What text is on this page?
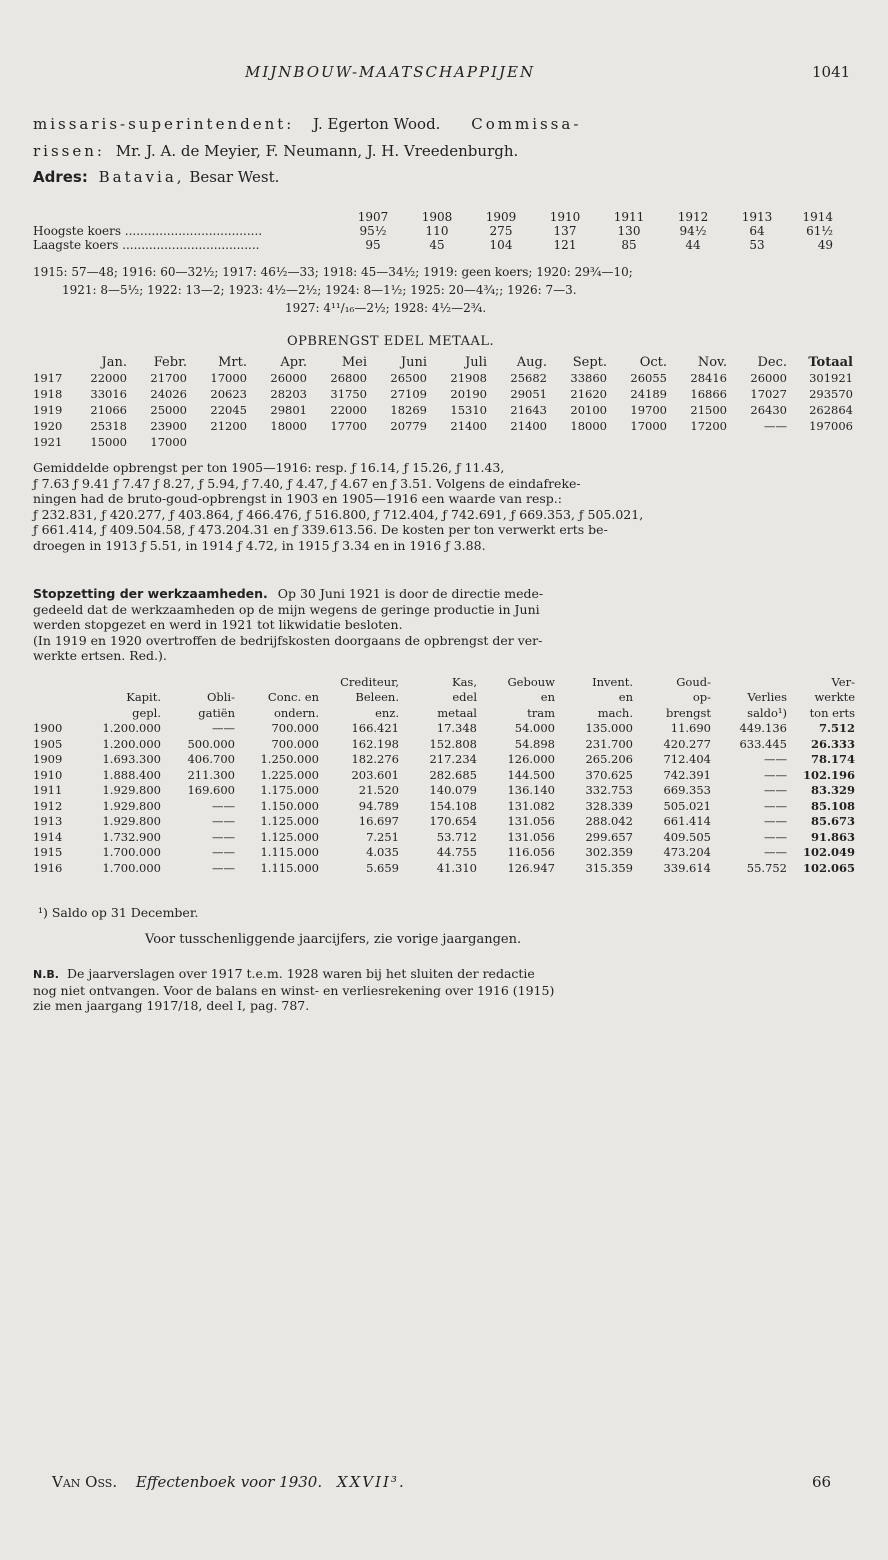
MIJNBOUW-MAATSCHAPPIJEN	1041
missaris-superintendent: J. Egerton Wood. Commissa-
rissen: Mr. J. A. de Meyier, F. Neumann, J. H. Vreedenburgh.
Adres: Batavia, Besar West.
	1907	1908	1909	1910	1911	1912	1913	1914
Hoogste koers ....................................	95½	110	275	137	130	94½	64	61½
Laagste koers ....................................	95	45	104	121	85	44	53	49
1915: 57—48; 1916: 60—32½; 1917: 46½—33; 1918: 45—34½; 1919: geen koers; 1920: 29¾—10;
1921: 8—5½; 1922: 13—2; 1923: 4½—2½; 1924: 8—1½; 1925: 20—4¾;; 1926: 7—3.
1927: 4¹¹/₁₆—2½; 1928: 4½—2¾.
OPBRENGST EDEL METAAL.
	Jan.	Febr.	Mrt.	Apr.	Mei	Juni	Juli	Aug.	Sept.	Oct.	Nov.	Dec.	Totaal
1917	22000	21700	17000	26000	26800	26500	21908	25682	33860	26055	28416	26000	301921
1918	33016	24026	20623	28203	31750	27109	20190	29051	21620	24189	16866	17027	293570
1919	21066	25000	22045	29801	22000	18269	15310	21643	20100	19700	21500	26430	262864
1920	25318	23900	21200	18000	17700	20779	21400	21400	18000	17000	17200	——	197006
1921	15000	17000											
Gemiddelde opbrengst per ton 1905—1916: resp. ƒ 16.14, ƒ 15.26, ƒ 11.43,
ƒ 7.63 ƒ 9.41 ƒ 7.47 ƒ 8.27, ƒ 5.94, ƒ 7.40, ƒ 4.47, ƒ 4.67 en ƒ 3.51. Volgens de eindafreke-
ningen had de bruto-goud-opbrengst in 1903 en 1905—1916 een waarde van resp.:
ƒ 232.831, ƒ 420.277, ƒ 403.864, ƒ 466.476, ƒ 516.800, ƒ 712.404, ƒ 742.691, ƒ 669.353, ƒ 505.021,
ƒ 661.414, ƒ 409.504.58, ƒ 473.204.31 en ƒ 339.613.56. De kosten per ton verwerkt erts be-
droegen in 1913 ƒ 5.51, in 1914 ƒ 4.72, in 1915 ƒ 3.34 en in 1916 ƒ 3.88.
Stopzetting der werkzaamheden. Op 30 Juni 1921 is door de directie mede-
gedeeld dat de werkzaamheden op de mijn wegens de geringe productie in Juni
werden stopgezet en werd in 1921 tot likwidatie besloten.
(In 1919 en 1920 overtroffen de bedrijfskosten doorgaans de opbrengst der ver-
werkte ertsen. Red.).
				Crediteur,	Kas,	Gebouw	Invent.	Goud-		Ver-
	Kapit.	Obli-	Conc. en	Beleen.	edel	en	en	op-	Verlies	werkte
	gepl.	gatiën	ondern.	enz.	metaal	tram	mach.	brengst	saldo¹)	ton erts
1900	1.200.000	——	700.000	166.421	17.348	54.000	135.000	11.690	449.136	7.512
1905	1.200.000	500.000	700.000	162.198	152.808	54.898	231.700	420.277	633.445	26.333
1909	1.693.300	406.700	1.250.000	182.276	217.234	126.000	265.206	712.404	——	78.174
1910	1.888.400	211.300	1.225.000	203.601	282.685	144.500	370.625	742.391	——	102.196
1911	1.929.800	169.600	1.175.000	21.520	140.079	136.140	332.753	669.353	——	83.329
1912	1.929.800	——	1.150.000	94.789	154.108	131.082	328.339	505.021	——	85.108
1913	1.929.800	——	1.125.000	16.697	170.654	131.056	288.042	661.414	——	85.673
1914	1.732.900	——	1.125.000	7.251	53.712	131.056	299.657	409.505	——	91.863
1915	1.700.000	——	1.115.000	4.035	44.755	116.056	302.359	473.204	——	102.049
1916	1.700.000	——	1.115.000	5.659	41.310	126.947	315.359	339.614	55.752	102.065
¹) Saldo op 31 December.
Voor tusschenliggende jaarcijfers, zie vorige jaargangen.
N.B. De jaarverslagen over 1917 t.e.m. 1928 waren bij het sluiten der redactie
nog niet ontvangen. Voor de balans en winst- en verliesrekening over 1916 (1915)
zie men jaargang 1917/18, deel I, pag. 787.
Van Oss. Effectenboek voor 1930. XXVII³.	66
